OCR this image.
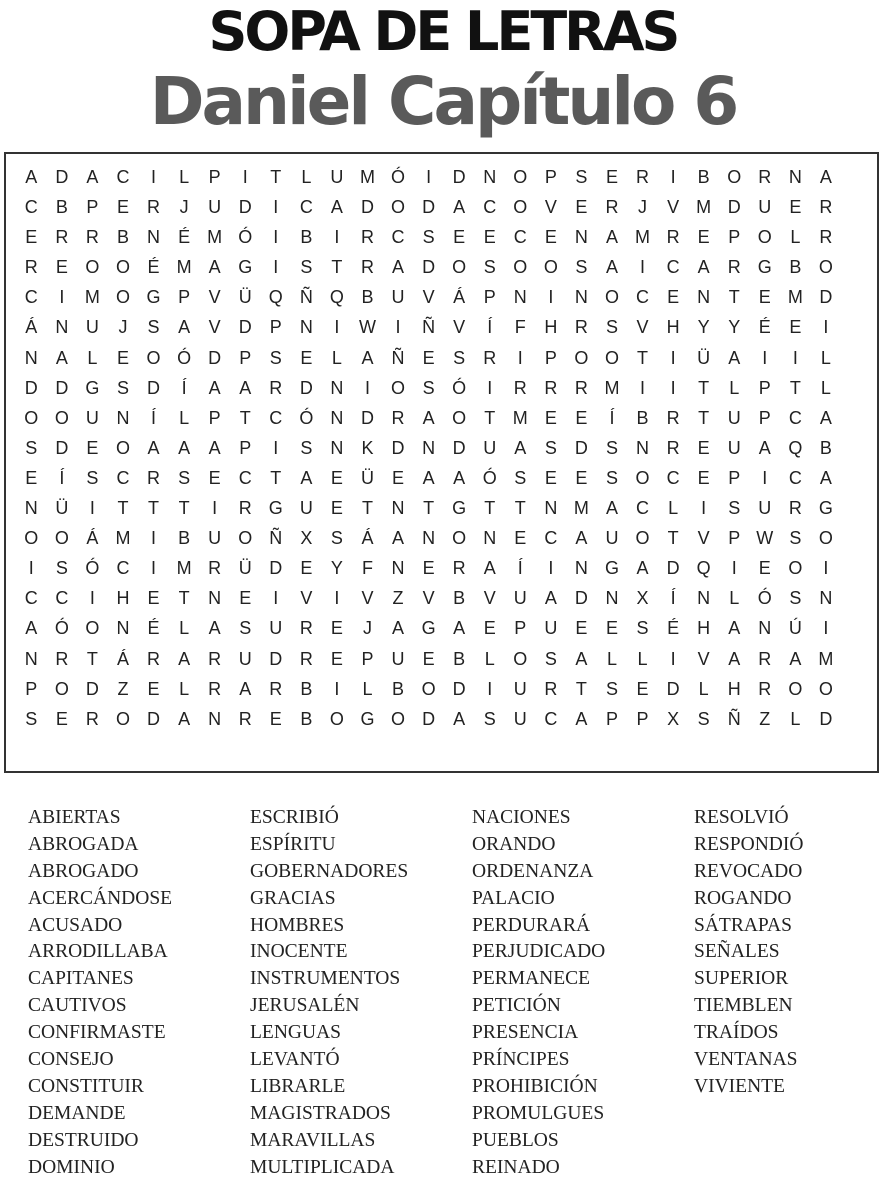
SOPA DE LETRAS
Daniel Capítulo 6
A	D	A	C	I	L	P	I	T	L	U M Ó	I	D N O P	S	E	R	I	B O R N	A
C	B	P	E	R	J	U D	I	C	A	D O D	A	C O V	E	R	J	V M D U	E	R
E	R R	B	N	É M Ó	I	B	I	R C	S	E	E	C	E	N	A M R	E	P O	L	R
R	E O O É M A G	I	S	T	R	A	D O S O O S	A	I	C	A	R G B O
C	I	M O G P	V	Ü Q Ñ Q B	U	V	Á	P	N	I	N O C	E	N	T	E M D
Á	N U	J	S	A	V	D	P	N	I	W	I	Ñ	V	Í	F	H R	S	V	H	Y	Y	É	E	I
N	A	L	E O Ó D	P	S	E	L	A	Ñ	E	S	R	I	P O O	T	I	Ü	A	I	I	L
D D G S	D	Í	A	A	R D N	I	O S Ó	I	R R R M	I	I	T	L	P	T	L
O O U N	Í	L	P	T	C Ó N D R	A O	T M E	E	Í	B	R	T	U	P	C	A
S	D	E O A	A	A	P	I	S	N	K	D N D U	A	S	D	S	N R	E	U	A Q B
E	Í	S	C R	S	E	C	T	A	E	Ü	E	A	A Ó S	E	E	S O C	E	P	I	C	A
N Ü	I	T	T	T	I	R G U	E	T	N	T	G	T	T	N M A	C	L	I	S	U R G
O O Á M	I	B	U O Ñ	X	S	Á	A	N O N	E	C	A	U O	T	V	P W S O
I	S Ó C	I	M R Ü D	E	Y	F	N	E	R	A	Í	I	N G A	D Q	I	E O	I
C C	I	H	E	T	N	E	I	V	I	V	Z	V	B	V	U	A	D N	X	Í	N	L	Ó S	N
A Ó O N	É	L	A	S	U R	E	J	A G A	E	P	U	E	E	S	É	H	A	N Ú	I
N R	T	Á	R	A	R U D R	E	P	U	E	B	L	O S	A	L	L	I	V	A	R	A M
P O D	Z	E	L	R	A	R	B	I	L	B O D	I	U R	T	S	E	D	L	H R O O
S	E	R O D	A	N R	E	B O G O D	A	S	U C	A	P	P	X	S	Ñ	Z	L	D
ABIERTAS
ABROGADA
ABROGADO
ACERCÁNDOSE
ACUSADO
ARRODILLABA
CAPITANES
CAUTIVOS
CONFIRMASTE
CONSEJO
CONSTITUIR
DEMANDE
DESTRUIDO
DOMINIO
ESCRIBIÓ
ESPÍRITU
GOBERNADORES
GRACIAS
HOMBRES
INOCENTE
INSTRUMENTOS
JERUSALÉN
LENGUAS
LEVANTÓ
LIBRARLE
MAGISTRADOS
MARAVILLAS
MULTIPLICADA
NACIONES
ORANDO
ORDENANZA
PALACIO
PERDURARÁ
PERJUDICADO
PERMANECE
PETICIÓN
PRESENCIA
PRÍNCIPES
PROHIBICIÓN
PROMULGUES
PUEBLOS
REINADO
RESOLVIÓ
RESPONDIÓ
REVOCADO
ROGANDO
SÁTRAPAS
SEÑALES
SUPERIOR
TIEMBLEN
TRAÍDOS
VENTANAS
VIVIENTE
